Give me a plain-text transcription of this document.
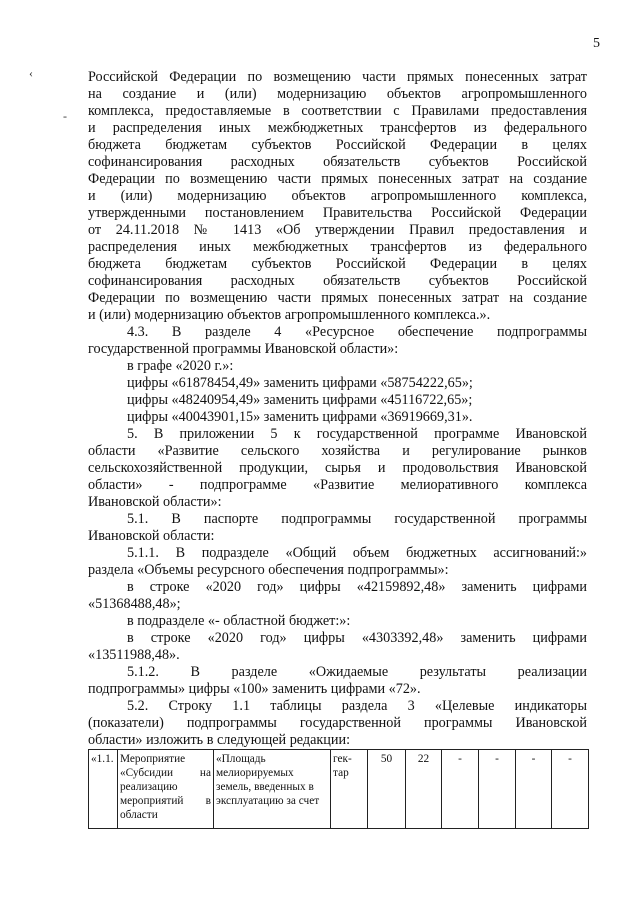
5
‹
-
Российской Федерации по возмещению части прямых понесенных затрат
на создание и (или) модернизацию объектов агропромышленного
комплекса, предоставляемые в соответствии с Правилами предоставления
и распределения иных межбюджетных трансфертов из федерального
бюджета бюджетам субъектов Российской Федерации в целях
софинансирования расходных обязательств субъектов Российской
Федерации по возмещению части прямых понесенных затрат на создание
и (или) модернизацию объектов агропромышленного комплекса,
утвержденными постановлением Правительства Российской Федерации
от 24.11.2018 № 1413 «Об утверждении Правил предоставления и
распределения иных межбюджетных трансфертов из федерального
бюджета бюджетам субъектов Российской Федерации в целях
софинансирования расходных обязательств субъектов Российской
Федерации по возмещению части прямых понесенных затрат на создание
и (или) модернизацию объектов агропромышленного комплекса.».
4.3. В разделе 4 «Ресурсное обеспечение подпрограммы
государственной программы Ивановской области»:
в графе «2020 г.»:
цифры «61878454,49» заменить цифрами «58754222,65»;
цифры «48240954,49» заменить цифрами «45116722,65»;
цифры «40043901,15» заменить цифрами «36919669,31».
5. В приложении 5 к государственной программе Ивановской
области «Развитие сельского хозяйства и регулирование рынков
сельскохозяйственной продукции, сырья и продовольствия Ивановской
области» - подпрограмме «Развитие мелиоративного комплекса
Ивановской области»:
5.1. В паспорте подпрограммы государственной программы
Ивановской области:
5.1.1. В подразделе «Общий объем бюджетных ассигнований:»
раздела «Объемы ресурсного обеспечения подпрограммы»:
в строке «2020 год» цифры «42159892,48» заменить цифрами
«51368488,48»;
в подразделе «- областной бюджет:»:
в строке «2020 год» цифры «4303392,48» заменить цифрами
«13511988,48».
5.1.2. В разделе «Ожидаемые результаты реализации
подпрограммы» цифры «100» заменить цифрами «72».
5.2. Строку 1.1 таблицы раздела 3 «Целевые индикаторы
(показатели) подпрограммы государственной программы Ивановской
области» изложить в следующей редакции:
«1.1.	Мероприятие «Субсидии на реализацию мероприятий в области	«Площадь мелиорируемых земель, введенных в эксплуатацию за счет	гек-тар	50	22	-	-	-	-
